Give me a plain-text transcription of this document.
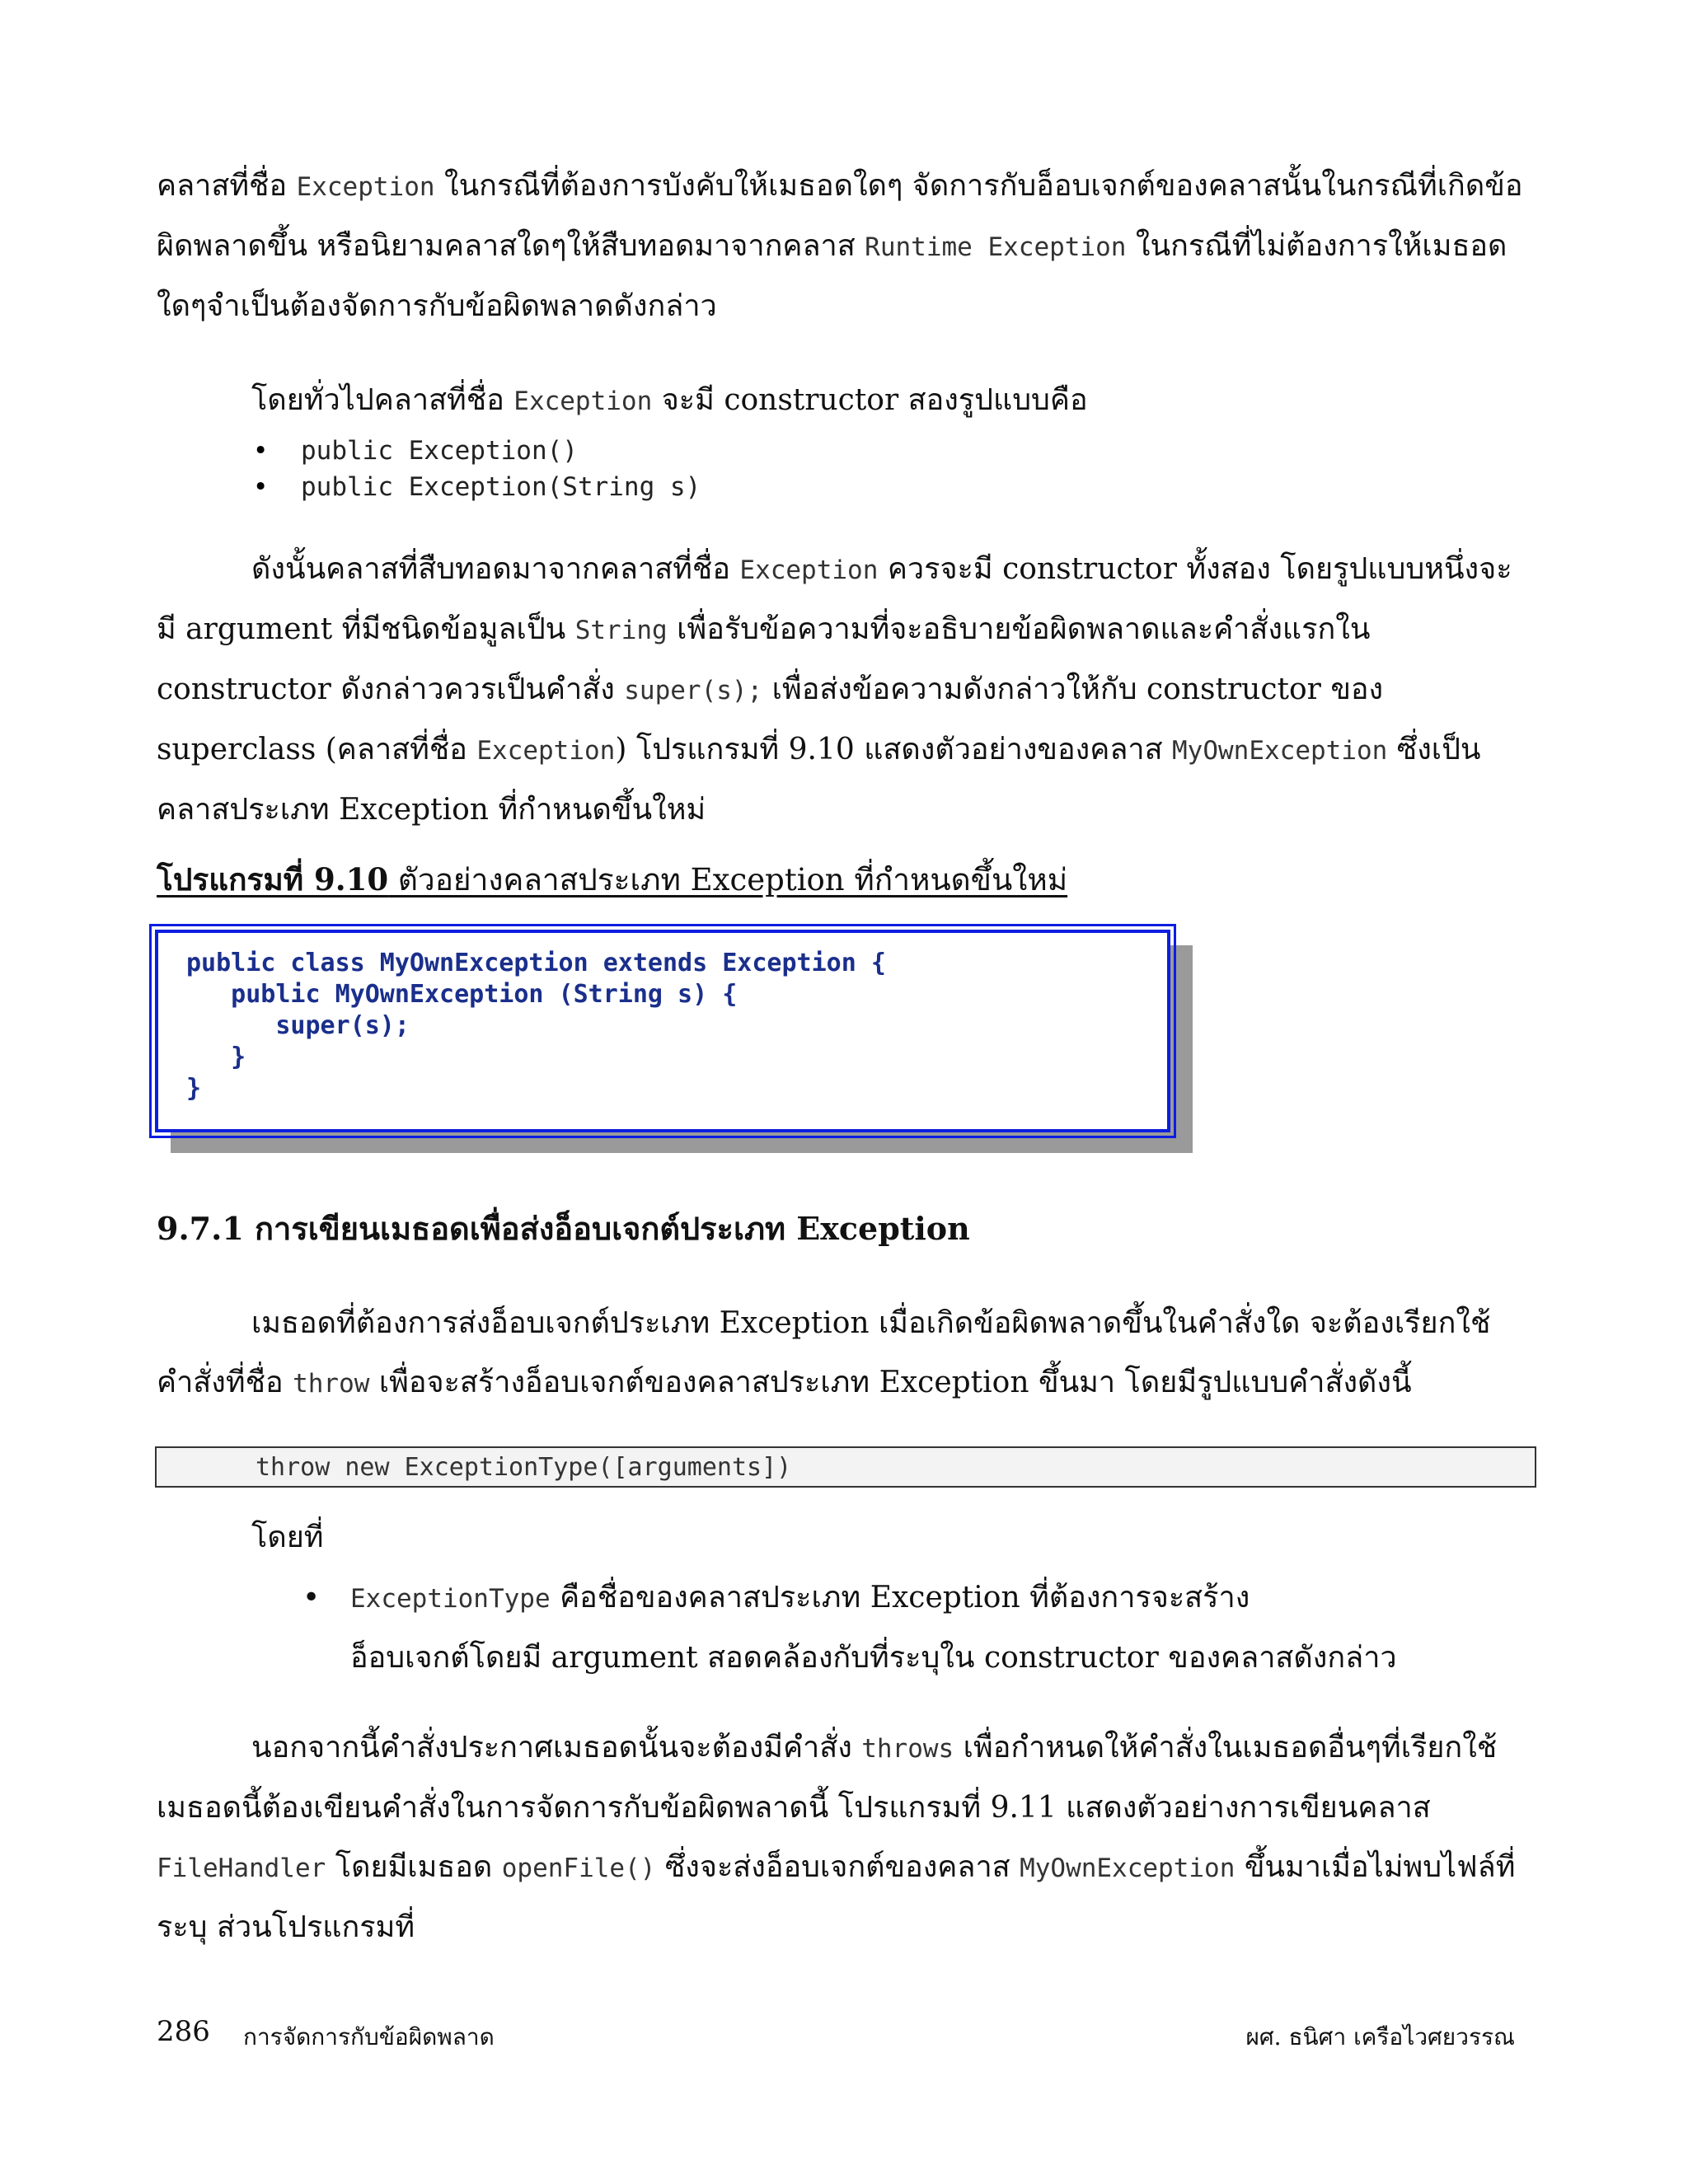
คลาสที่ชื่อ Exception ในกรณีที่ต้องการบังคับให้เมธอดใดๆ จัดการกับอ็อบเจกต์ของคลาสนั้นในกรณีที่เกิดข้อผิดพลาดขึ้น หรือนิยามคลาสใดๆให้สืบทอดมาจากคลาส Runtime Exception ในกรณีที่ไม่ต้องการให้เมธอดใดๆจำเป็นต้องจัดการกับข้อผิดพลาดดังกล่าว
โดยทั่วไปคลาสที่ชื่อ Exception จะมี constructor สองรูปแบบคือ
• public Exception()
• public Exception(String s)
ดังนั้นคลาสที่สืบทอดมาจากคลาสที่ชื่อ Exception ควรจะมี constructor ทั้งสอง โดยรูปแบบหนึ่งจะมี argument ที่มีชนิดข้อมูลเป็น String เพื่อรับข้อความที่จะอธิบายข้อผิดพลาดและคำสั่งแรกใน constructor ดังกล่าวควรเป็นคำสั่ง super(s); เพื่อส่งข้อความดังกล่าวให้กับ constructor ของ superclass (คลาสที่ชื่อ Exception) โปรแกรมที่ 9.10 แสดงตัวอย่างของคลาส MyOwnException ซึ่งเป็นคลาสประเภท Exception ที่กำหนดขึ้นใหม่
โปรแกรมที่ 9.10 ตัวอย่างคลาสประเภท Exception ที่กำหนดขึ้นใหม่
public class MyOwnException extends Exception {
public MyOwnException (String s) {
super(s);
}
}
9.7.1 การเขียนเมธอดเพื่อส่งอ็อบเจกต์ประเภท Exception
เมธอดที่ต้องการส่งอ็อบเจกต์ประเภท Exception เมื่อเกิดข้อผิดพลาดขึ้นในคำสั่งใด จะต้องเรียกใช้คำสั่งที่ชื่อ throw เพื่อจะสร้างอ็อบเจกต์ของคลาสประเภท Exception ขึ้นมา โดยมีรูปแบบคำสั่งดังนี้
throw new ExceptionType([arguments])
โดยที่
• ExceptionType คือชื่อของคลาสประเภท Exception ที่ต้องการจะสร้าง
อ็อบเจกต์โดยมี argument สอดคล้องกับที่ระบุใน constructor ของคลาสดังกล่าว
นอกจากนี้คำสั่งประกาศเมธอดนั้นจะต้องมีคำสั่ง throws เพื่อกำหนดให้คำสั่งในเมธอดอื่นๆที่เรียกใช้เมธอดนี้ต้องเขียนคำสั่งในการจัดการกับข้อผิดพลาดนี้ โปรแกรมที่ 9.11 แสดงตัวอย่างการเขียนคลาส FileHandler โดยมีเมธอด openFile() ซึ่งจะส่งอ็อบเจกต์ของคลาส MyOwnException ขึ้นมาเมื่อไม่พบไฟล์ที่ระบุ ส่วนโปรแกรมที่
286 การจัดการกับข้อผิดพลาด	ผศ. ธนิศา เครือไวศยวรรณ
